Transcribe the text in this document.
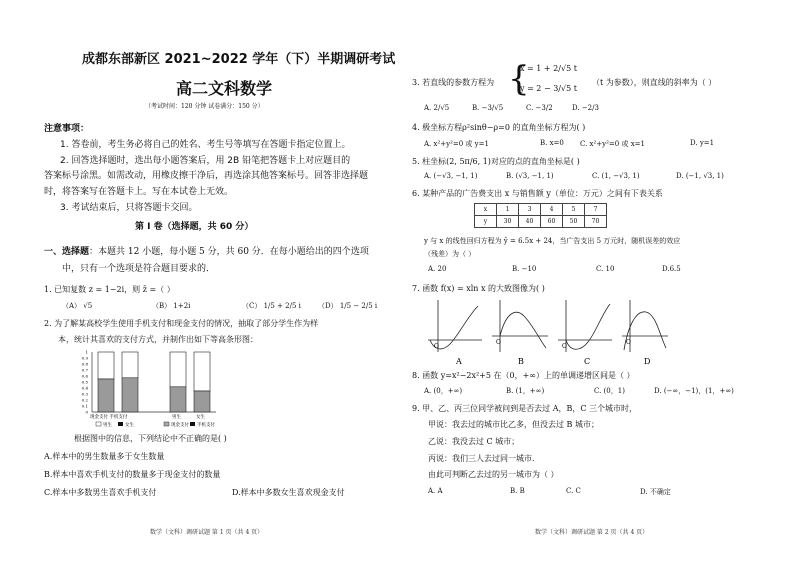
成都东部新区 2021~2022 学年（下）半期调研考试
高二文科数学
（考试时间：120 分钟 试卷满分：150 分）
注意事项：
1. 答卷前，考生务必将自己的姓名、考生号等填写在答题卡指定位置上。
2. 回答选择题时，选出每小题答案后，用 2B 铅笔把答题卡上对应题目的
答案标号涂黑。如需改动，用橡皮擦干净后，再选涂其他答案标号。回答非选择题
时，将答案写在答题卡上。写在本试卷上无效。
3. 考试结束后，只将答题卡交回。
第 I 卷（选择题，共 60 分）
一、选择题：本题共 12 小题，每小题 5 分，共 60 分．在每小题给出的四个选项
中，只有一个选项是符合题目要求的．
1. 已知复数 z = 1−2i，则 z̄ =（ ）
（A） √5	（B） 1+2i	（C） 1/5 + 2/5 i （D） 1/5 − 2/5 i
2. 为了解某高校学生使用手机支付和现金支付的情况，抽取了部分学生作为样
本，统计其喜欢的支付方式，并制作出如下等高条形图：
1
0.9
0.8
0.7
0.6
0.5
0.4
0.3
0.2
0.1
0
现金支付 手机支付
男生	女生
男生	女生
现金支付 手机支付
根据图中的信息，下列结论中不正确的是( )
A.样本中的男生数量多于女生数量
B.样本中喜欢手机支付的数量多于现金支付的数量
C.样本中多数男生喜欢手机支付	D.样本中多数女生喜欢现金支付
数学（文科）调研试题 第 1 页（共 4 页）
3. 若直线的参数方程为 {
x = 1 + 2/√5 t
y = 2 − 3/√5 t
（t 为参数），则直线的斜率为（ ）
A. 2/√5	B. −3/√5	C. −3/2	D. −2/3
4. 极坐标方程ρ²sinθ−ρ=0 的直角坐标方程为( )
A. x²+y²=0 或 y=1	B. x=0 C. x²+y²=0 或 x=1	D. y=1
5. 柱坐标(2, 5π/6, 1)对应的点的直角坐标是( )
A. (−√3, −1, 1)	B. (√3, −1, 1)	C. (1, −√3, 1)	D. (−1, √3, 1)
6. 某种产品的广告费支出 x 与销售额 y（单位：万元）之间有下表关系
x	1	3	4	5	7
y	30	40	60	50	70
y 与 x 的线性回归方程为 ŷ = 6.5x + 24，当广告支出 5 万元时，随机误差的效应
（残差）为（ ）
A. 20	B. −10	C. 10	D.6.5
7. 函数 f(x) = xln x 的大致图像为( )
O
O
O
O
A	B	C	D
8. 函数 y=x²−2x²+5 在（0，+∞）上的单调递增区间是（ ）
A. (0，+∞)	B. (1，+∞)	C. (0，1)	D. (−∞，−1)，(1，+∞)
9. 甲、乙、丙三位同学被问到是否去过 A，B，C 三个城市时，
甲说：我去过的城市比乙多，但没去过 B 城市；
乙说：我没去过 C 城市；
丙说：我们三人去过同一城市．
由此可判断乙去过的另一城市为（ ）
A. A	B. B	C. C	D. 不确定
数学（文科）调研试题 第 2 页（共 4 页）
